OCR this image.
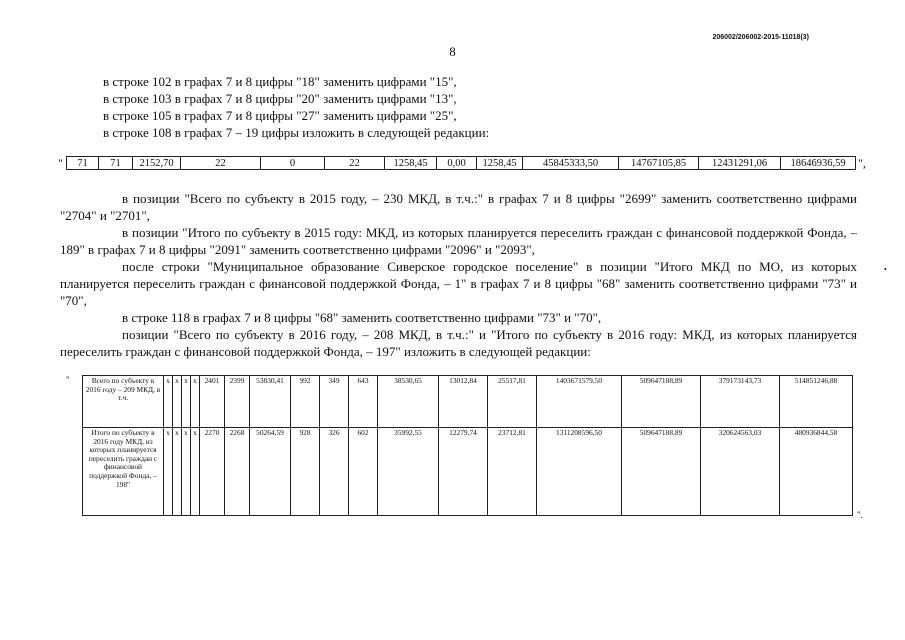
206002/206002-2015-11018(3)
8
в строке 102 в графах 7 и 8 цифры "18" заменить цифрами "15",
в строке 103 в графах 7 и 8 цифры "20" заменить цифрами "13",
в строке 105 в графах 7 и 8 цифры "27" заменить цифрами "25",
в строке 108 в графах 7 – 19 цифры изложить в следующей редакции:
"	71	71	2152,70	22	0	22	1258,45	0,00	1258,45	45845333,50	14767105,85	12431291,06	18646936,59	",
в позиции "Всего по субъекту в 2015 году, – 230 МКД, в т.ч.:" в графах 7 и 8 цифры "2699" заменить соответственно цифрами "2704" и "2701",
в позиции "Итого по субъекту в 2015 году: МКД, из которых планируется переселить граждан с финансовой поддержкой Фонда, – 189" в графах 7 и 8 цифры "2091" заменить соответственно цифрами "2096" и "2093",
после строки "Муниципальное образование Сиверское городское поселение" в позиции "Итого МКД по МО, из которых планируется переселить граждан с финансовой поддержкой Фонда, – 1" в графах 7 и 8 цифры "68" заменить соответственно цифрами "73" и "70",
в строке 118 в графах 7 и 8 цифры "68" заменить соответственно цифрами "73" и "70",
позиции "Всего по субъекту в 2016 году, – 208 МКД, в т.ч.:" и "Итого по субъекту в 2016 году: МКД, из которых планируется переселить граждан с финансовой поддержкой Фонда, – 197" изложить в следующей редакции:
•
"	Всего по субъекту в 2016 году – 209 МКД, в т.ч.	х	х	х	х	2401	2399	53830,41	992	349	643	38530,65	13012,84	25517,81	1403671579,50	509647188,89	379173143,73	514851246,88
Итого по субъекту в 2016 году МКД, из которых планируется переселить граждан с финансовой поддержкой Фонда, – 198"	х	х	х	х	2270	2268	50264,59	928	326	602	35992,55	12279,74	23712,81	1311208596,50	509647188,89	320624563,03	480936844,58
".
